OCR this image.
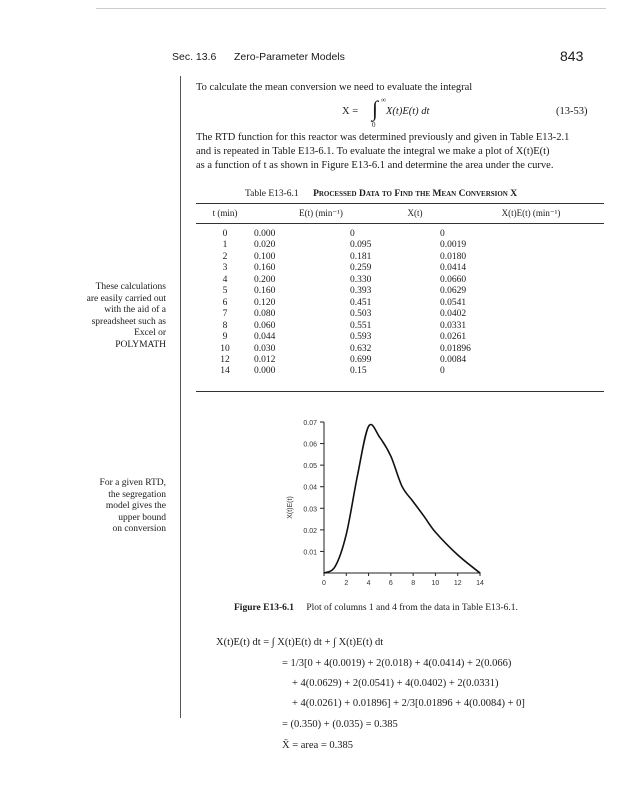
Sec. 13.6 Zero-Parameter Models	843
To calculate the mean conversion we need to evaluate the integral
X = ∫ ∞
0
X(t)E(t) dt	(13-53)
The RTD function for this reactor was determined previously and given in Table E13-2.1
and is repeated in Table E13-6.1. To evaluate the integral we make a plot of X(t)E(t)
as a function of t as shown in Figure E13-6.1 and determine the area under the curve.
Table E13-6.1 Processed Data to Find the Mean Conversion X
t (min)	E(t) (min⁻¹)	X(t)	X(t)E(t) (min⁻¹)
0	0.000	0	0
1	0.020	0.095	0.0019
2	0.100	0.181	0.0180
3	0.160	0.259	0.0414
4	0.200	0.330	0.0660
5	0.160	0.393	0.0629
6	0.120	0.451	0.0541
7	0.080	0.503	0.0402
8	0.060	0.551	0.0331
9	0.044	0.593	0.0261
10	0.030	0.632	0.01896
12	0.012	0.699	0.0084
14	0.000	0.15	0
These calculations
are easily carried out
with the aid of a
spreadsheet such as
Excel or
POLYMATH
For a given RTD,
the segregation
model gives the
upper bound
on conversion
0.01
0.02
0.03
0.04
0.05
0.06
0.07
0	2	4	6	8 10 12 14
X(t)E(t)
Figure E13-6.1 Plot of columns 1 and 4 from the data in Table E13-6.1.
X(t)E(t) dt = ∫ X(t)E(t) dt + ∫ X(t)E(t) dt
= 1/3[0 + 4(0.0019) + 2(0.018) + 4(0.0414) + 2(0.066)
+ 4(0.0629) + 2(0.0541) + 4(0.0402) + 2(0.0331)
+ 4(0.0261) + 0.01896] + 2/3[0.01896 + 4(0.0084) + 0]
= (0.350) + (0.035) = 0.385
X̄ = area = 0.385
